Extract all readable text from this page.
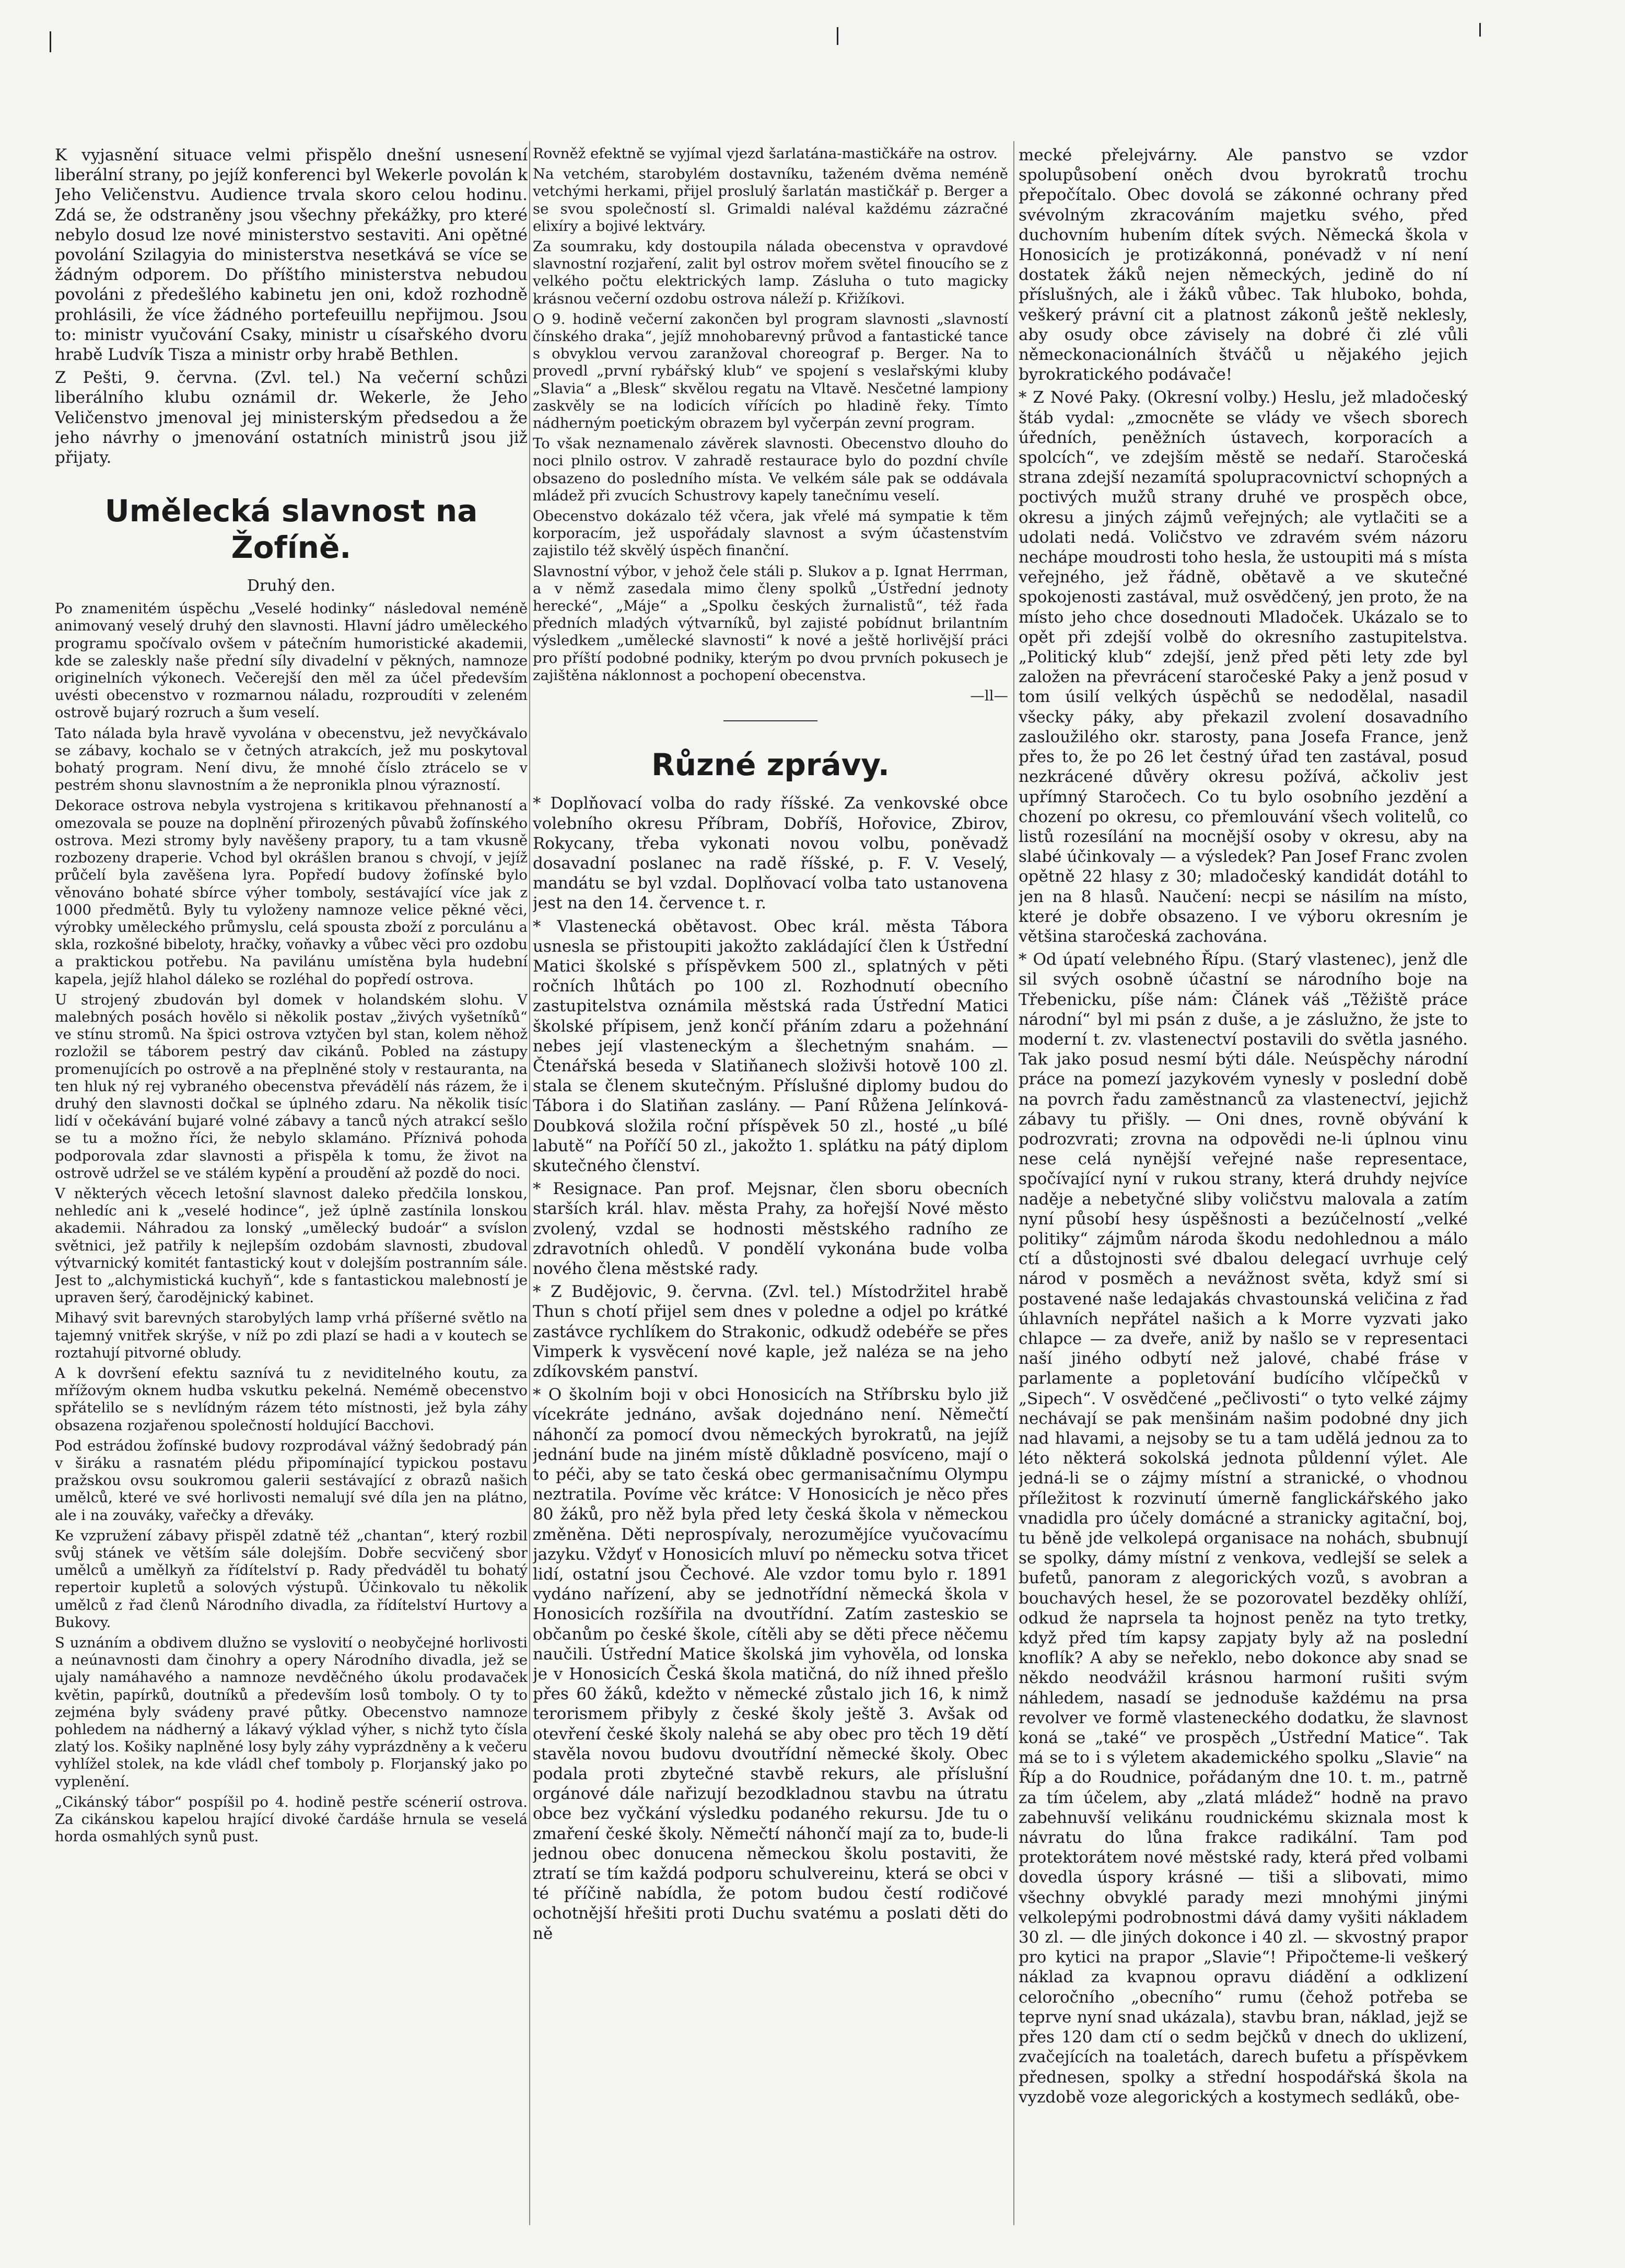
K vyjasnění situace velmi přispělo dnešní usnesení liberální strany, po jejíž konferenci byl Wekerle povolán k Jeho Veličenstvu. Audience trvala skoro celou hodinu. Zdá se, že odstraněny jsou všechny překážky, pro které nebylo dosud lze nové ministerstvo sestaviti. Ani opětné povolání Szilagyia do ministerstva nesetkává se více se žádným odporem. Do příštího ministerstva nebudou povoláni z předešlého kabinetu jen oni, kdož rozhodně prohlásili, že více žádného portefeuillu nepřijmou. Jsou to: ministr vyučování Csaky, ministr u císařského dvoru hrabě Ludvík Tisza a ministr orby hrabě Bethlen.

Z Pešti, 9. června. (Zvl. tel.) Na večerní schůzi liberálního klubu oznámil dr. Wekerle, že Jeho Veličenstvo jmenoval jej ministerským předsedou a že jeho návrhy o jmenování ostatních ministrů jsou již přijaty.

Umělecká slavnost na Žofíně.
Druhý den.

Po znamenitém úspěchu „Veselé hodinky“ následoval neméně animovaný veselý druhý den slavnosti. Hlavní jádro uměleckého programu spočívalo ovšem v pátečním humoristické akademii, kde se zaleskly naše přední síly divadelní v pěkných, namnoze originelních výkonech. Večerejší den měl za účel především uvésti obecenstvo v rozmarnou náladu, rozproudíti v zeleném ostrově bujarý rozruch a šum veselí.

Tato nálada byla hravě vyvolána v obecenstvu, jež nevyčkávalo se zábavy, kochalo se v četných atrakcích, jež mu poskytoval bohatý program. Není divu, že mnohé číslo ztrácelo se v pestrém shonu slavnostním a že nepronikla plnou výrazností.

Dekorace ostrova nebyla vystrojena s kritikavou přehnaností a omezovala se pouze na doplnění přirozených půvabů žofínského ostrova. Mezi stromy byly navěšeny prapory, tu a tam vkusně rozbozeny draperie. Vchod byl okrášlen branou s chvojí, v jejíž průčelí byla zavěšena lyra. Popředí budovy žofínské bylo věnováno bohaté sbírce výher tomboly, sestávající více jak z 1000 předmětů. Byly tu vyloženy namnoze velice pěkné věci, výrobky uměleckého průmyslu, celá spousta zboží z porculánu a skla, rozkošné bibeloty, hračky, voňavky a vůbec věci pro ozdobu a praktickou potřebu. Na pavilánu umístěna byla hudební kapela, jejíž hlahol dáleko se rozléhal do popředí ostrova.

U strojený zbudován byl domek v holandském slohu. V malebných posách hovělo si několik postav „živých vyšetníků“ ve stínu stromů. Na špici ostrova vztyčen byl stan, kolem něhož rozložil se táborem pestrý dav cikánů. Pobled na zástupy promenujících po ostrově a na přeplněné stoly v restauranta, na ten hluk ný rej vybraného obecenstva převádělí nás rázem, že i druhý den slavnosti dočkal se úplného zdaru. Na několik tisíc lidí v očekávání bujaré volné zábavy a tanců ných atrakcí sešlo se tu a možno říci, že nebylo sklamáno. Příznivá pohoda podporovala zdar slavnosti a přispěla k tomu, že život na ostrově udržel se ve stálém kypění a proudění až pozdě do noci.

V některých věcech letošní slavnost daleko předčila lonskou, nehledíc ani k „veselé hodince“, jež úplně zastínila lonskou akademii. Náhradou za lonský „umělecký budoár“ a svíslon světnici, jež patřily k nejlepším ozdobám slavnosti, zbudoval výtvarnický komitét fantastický kout v dolejším postranním sále. Jest to „alchymistická kuchyň“, kde s fantastickou malebností je upraven šerý, čarodějnický kabinet.

Mihavý svit barevných starobylých lamp vrhá příšerné světlo na tajemný vnitřek skrýše, v níž po zdi plazí se hadi a v koutech se roztahují pitvorné obludy.

A k dovršení efektu saznívá tu z neviditelného koutu, za mřížovým oknem hudba vskutku pekelná. Nemémě obecenstvo spřátelilo se s nevlídným rázem této místnosti, jež byla záhy obsazena rozjařenou společností holdující Bacchovi.

Pod estrádou žofínské budovy rozprodával vážný šedobradý pán v širáku a rasnatém plédu připomínající typickou postavu pražskou ovsu soukromou galerii sestávající z obrazů našich umělců, které ve své horlivosti nemalují své díla jen na plátno, ale i na zouváky, vařečky a dřeváky.

Ke vzpružení zábavy přispěl zdatně též „chantan“, který rozbil svůj stánek ve větším sále dolejším. Dobře secvičený sbor umělců a umělkyň za řídítelství p. Rady předváděl tu bohatý repertoir kupletů a solových výstupů. Účinkovalo tu několik umělců z řad členů Národního divadla, za řídítelství Hurtovy a Bukovy.

S uznáním a obdivem dlužno se vyslovití o neobyčejné horlivosti a neúnavnosti dam činohry a opery Národního divadla, jež se ujaly namáhavého a namnoze nevděčného úkolu prodavaček květin, papírků, doutníků a především losů tomboly. O ty to zejména byly svádeny pravé půtky. Obecenstvo namnoze pohledem na nádherný a lákavý výklad výher, s nichž tyto čísla zlatý los. Košiky naplněné losy byly záhy vyprázdněny a k večeru vyhlížel stolek, na kde vládl chef tomboly p. Florjanský jako po vyplenění.

„Cikánský tábor“ pospíšil po 4. hodině pestře scénerií ostrova. Za cikánskou kapelou hrající divoké čardáše hrnula se veselá horda osmahlých synů pust.

Rovněž efektně se vyjímal vjezd šarlatána-mastičkáře na ostrov.

Na vetchém, starobylém dostavníku, taženém dvěma neméně vetchými herkami, přijel proslulý šarlatán mastičkář p. Berger a se svou společností sl. Grimaldi naléval každému zázračné elixíry a bojivé lektváry.

Za soumraku, kdy dostoupila nálada obecenstva v opravdové slavnostní rozjaření, zalit byl ostrov mořem světel finoucího se z velkého počtu elektrických lamp. Zásluha o tuto magicky krásnou večerní ozdobu ostrova náleží p. Křižíkovi.

O 9. hodině večerní zakončen byl program slavnosti „slavností čínského draka“, jejíž mnohobarevný průvod a fantastické tance s obvyklou vervou zaranžoval choreograf p. Berger. Na to provedl „první rybářský klub“ ve spojení s veslařskými kluby „Slavia“ a „Blesk“ skvělou regatu na Vltavě. Nesčetné lampiony zaskvěly se na lodicích vířících po hladině řeky. Tímto nádherným poetickým obrazem byl vyčerpán zevní program.

To však neznamenalo závěrek slavnosti. Obecenstvo dlouho do noci plnilo ostrov. V zahradě restaurace bylo do pozdní chvíle obsazeno do posledního místa. Ve velkém sále pak se oddávala mládež při zvucích Schustrovy kapely tanečnímu veselí.

Obecenstvo dokázalo též včera, jak vřelé má sympatie k těm korporacím, jež uspořádaly slavnost a svým účastenstvím zajistilo též skvělý úspěch finanční.

Slavnostní výbor, v jehož čele stáli p. Slukov a p. Ignat Herrman, a v němž zasedala mimo členy spolků „Ústřední jednoty herecké“, „Máje“ a „Spolku českých žurnalistů“, též řada předních mladých výtvarníků, byl zajisté pobídnut brilantním výsledkem „umělecké slavnosti“ k nové a ještě horlivější práci pro příští podobné podniky, kterým po dvou prvních pokusech je zajištěna náklonnost a pochopení obecenstva.

—ll—

Různé zprávy.

* Doplňovací volba do rady říšské. Za venkovské obce volebního okresu Příbram, Dobříš, Hořovice, Zbirov, Rokycany, třeba vykonati novou volbu, poněvadž dosavadní poslanec na radě říšské, p. F. V. Veselý, mandátu se byl vzdal. Doplňovací volba tato ustanovena jest na den 14. července t. r.

* Vlastenecká obětavost. Obec král. města Tábora usnesla se přistoupiti jakožto zakládající člen k Ústřední Matici školské s příspěvkem 500 zl., splatných v pěti ročních lhůtách po 100 zl. Rozhodnutí obecního zastupitelstva oznámila městská rada Ústřední Matici školské přípisem, jenž končí přáním zdaru a požehnání nebes její vlasteneckým a šlechetným snahám. — Čtenářská beseda v Slatiňanech složivši hotově 100 zl. stala se členem skutečným. Příslušné diplomy budou do Tábora i do Slatiňan zaslány. — Paní Růžena Jelínková-Doubková složila roční příspěvek 50 zl., hosté „u bílé labutě“ na Poříčí 50 zl., jakožto 1. splátku na pátý diplom skutečného členství.

* Resignace. Pan prof. Mejsnar, člen sboru obecních starších král. hlav. města Prahy, za hořejší Nové město zvolený, vzdal se hodnosti městského radního ze zdravotních ohledů. V pondělí vykonána bude volba nového člena městské rady.

* Z Budějovic, 9. června. (Zvl. tel.) Místodržitel hrabě Thun s chotí přijel sem dnes v poledne a odjel po krátké zastávce rychlíkem do Strakonic, odkudž odebéře se přes Vimperk k vysvěcení nové kaple, jež naléza se na jeho zdíkovském panství.

* O školním boji v obci Honosicích na Stříbrsku bylo již vícekráte jednáno, avšak dojednáno není. Němečtí náhončí za pomocí dvou německých byrokratů, na jejíž jednání bude na jiném místě důkladně posvíceno, mají o to péči, aby se tato česká obec germanisačnímu Olympu neztratila. Povíme věc krátce: V Honosicích je něco přes 80 žáků, pro něž byla před lety česká škola v německou změněna. Děti neprospívaly, nerozumějíce vyučovacímu jazyku. Vždyť v Honosicích mluví po německu sotva třicet lidí, ostatní jsou Čechové. Ale vzdor tomu bylo r. 1891 vydáno nařízení, aby se jednotřídní německá škola v Honosicích rozšířila na dvoutřídní. Zatím zasteskio se občanům po české škole, cítěli aby se děti přece něčemu naučili. Ústřední Matice školská jim vyhověla, od lonska je v Honosicích Česká škola matičná, do níž ihned přešlo přes 60 žáků, kdežto v německé zůstalo jich 16, k nimž terorismem přibyly z české školy ještě 3. Avšak od otevření české školy nalehá se aby obec pro těch 19 dětí stavěla novou budovu dvoutřídní německé školy. Obec podala proti zbytečné stavbě rekurs, ale příslušní orgánové dále nařizují bezodkladnou stavbu na útratu obce bez vyčkání výsledku podaného rekursu. Jde tu o zmaření české školy. Němečtí náhončí mají za to, bude-li jednou obec donucena německou školu postaviti, že ztratí se tím každá podporu schulvereinu, která se obci v té příčině nabídla, že potom budou čestí rodičové ochotnější hřešiti proti Duchu svatému a poslati děti do ně

mecké přelejvárny. Ale panstvo se vzdor spolupůsobení oněch dvou byrokratů trochu přepočítalo. Obec dovolá se zákonné ochrany před svévolným zkracováním majetku svého, před duchovním hubením dítek svých. Německá škola v Honosicích je protizákonná, ponévadž v ní není dostatek žáků nejen německých, jedině do ní příslušných, ale i žáků vůbec. Tak hluboko, bohda, veškerý právní cit a platnost zákonů ještě neklesly, aby osudy obce závisely na dobré či zlé vůli německonacionálních štváčů u nějakého jejich byrokratického podávače!

* Z Nové Paky. (Okresní volby.) Heslu, jež mladočeský štáb vydal: „zmocněte se vlády ve všech sborech úředních, peněžních ústavech, korporacích a spolcích“, ve zdejším městě se nedaří. Staročeská strana zdejší nezamítá spolupracovnictví schopných a poctivých mužů strany druhé ve prospěch obce, okresu a jiných zájmů veřejných; ale vytlačiti se a udolati nedá. Voličstvo ve zdravém svém názoru nechápe moudrosti toho hesla, že ustoupiti má s místa veřejného, jež řádně, obětavě a ve skutečné spokojenosti zastával, muž osvědčený, jen proto, že na místo jeho chce dosednouti Mladoček. Ukázalo se to opět při zdejší volbě do okresního zastupitelstva. „Politický klub“ zdejší, jenž před pěti lety zde byl založen na převrácení staročeské Paky a jenž posud v tom úsilí velkých úspěchů se nedodělal, nasadil všecky páky, aby překazil zvolení dosavadního zasloužilého okr. starosty, pana Josefa France, jenž přes to, že po 26 let čestný úřad ten zastával, posud nezkrácené důvěry okresu požívá, ačkoliv jest upřímný Staročech. Co tu bylo osobního jezdění a chození po okresu, co přemlouvání všech volitelů, co listů rozesílání na mocnější osoby v okresu, aby na slabé účinkovaly — a výsledek? Pan Josef Franc zvolen opětně 22 hlasy z 30; mladočeský kandidát dotáhl to jen na 8 hlasů. Naučení: necpi se násilím na místo, které je dobře obsazeno. I ve výboru okresním je většina staročeská zachována.

* Od úpatí velebného Řípu. (Starý vlastenec), jenž dle sil svých osobně účastní se národního boje na Třebenicku, píše nám: Článek váš „Těžiště práce národní“ byl mi psán z duše, a je záslužno, že jste to moderní t. zv. vlastenectví postavili do světla jasného. Tak jako posud nesmí býti dále. Neúspěchy národní práce na pomezí jazykovém vynesly v poslední době na povrch řadu zaměstnanců za vlastenectví, jejichž zábavy tu přišly. — Oni dnes, rovně obývání k podrozvrati; zrovna na odpovědi ne-li úplnou vinu nese celá nynější veřejné naše representace, spočívající nyní v rukou strany, která druhdy nejvíce naděje a nebetyčné sliby voličstvu malovala a zatím nyní působí hesy úspěšnosti a bezúčelností „velké politiky“ zájmům národa škodu nedohlednou a málo ctí a důstojnosti své dbalou delegací uvrhuje celý národ v posměch a nevážnost světa, když smí si postavené naše ledajakás chvastounská veličina z řad úhlavních nepřátel našich a k Morre vyzvati jako chlapce — za dveře, aniž by našlo se v representaci naší jiného odbytí než jalové, chabé fráse v parlamente a popletování budícího vlčípečků v „Sipech“. V osvědčené „pečlivosti“ o tyto velké zájmy nechávají se pak menšinám našim podobné dny jich nad hlavami, a nejsoby se tu a tam udělá jednou za to léto některá sokolská jednota půldenní výlet. Ale jedná-li se o zájmy místní a stranické, o vhodnou příležitost k rozvinutí úmerně fanglickářského jako vnadidla pro účely domácné a stranicky agitační, boj, tu běně jde velkolepá organisace na nohách, sbubnují se spolky, dámy místní z venkova, vedlejší se selek a bufetů, panoram z alegorických vozů, s avobran a bouchavých hesel, že se pozorovatel bezděky ohlíží, odkud že naprsela ta hojnost peněz na tyto tretky, když před tím kapsy zapjaty byly až na poslední knoflík? A aby se neřeklo, nebo dokonce aby snad se někdo neodvážil krásnou harmoní rušiti svým náhledem, nasadí se jednoduše každému na prsa revolver ve formě vlasteneckého dodatku, že slavnost koná se „také“ ve prospěch „Ústřední Matice“. Tak má se to i s výletem akademického spolku „Slavie“ na Říp a do Roudnice, pořádaným dne 10. t. m., patrně za tím účelem, aby „zlatá mládež“ hodně na pravo zabehnuvší velikánu roudnickému skiznala most k návratu do lůna frakce radikální. Tam pod protektorátem nové městské rady, která před volbami dovedla úspory krásné — tiši a slibovati, mimo všechny obvyklé parady mezi mnohými jinými velkolepými podrobnostmi dává damy vyšiti nákladem 30 zl. — dle jiných dokonce i 40 zl. — skvostný prapor pro kytici na prapor „Slavie“! Připočteme-li veškerý náklad za kvapnou opravu diádění a odklizení celoročního „obecního“ rumu (čehož potřeba se teprve nyní snad ukázala), stavbu bran, náklad, jejž se přes 120 dam ctí o sedm bejčků v dnech do uklizení, zvačejících na toaletách, darech bufetu a příspěvkem přednesen, spolky a střední hospodářská škola na vyzdobě voze alegorických a kostymech sedláků, obe-
